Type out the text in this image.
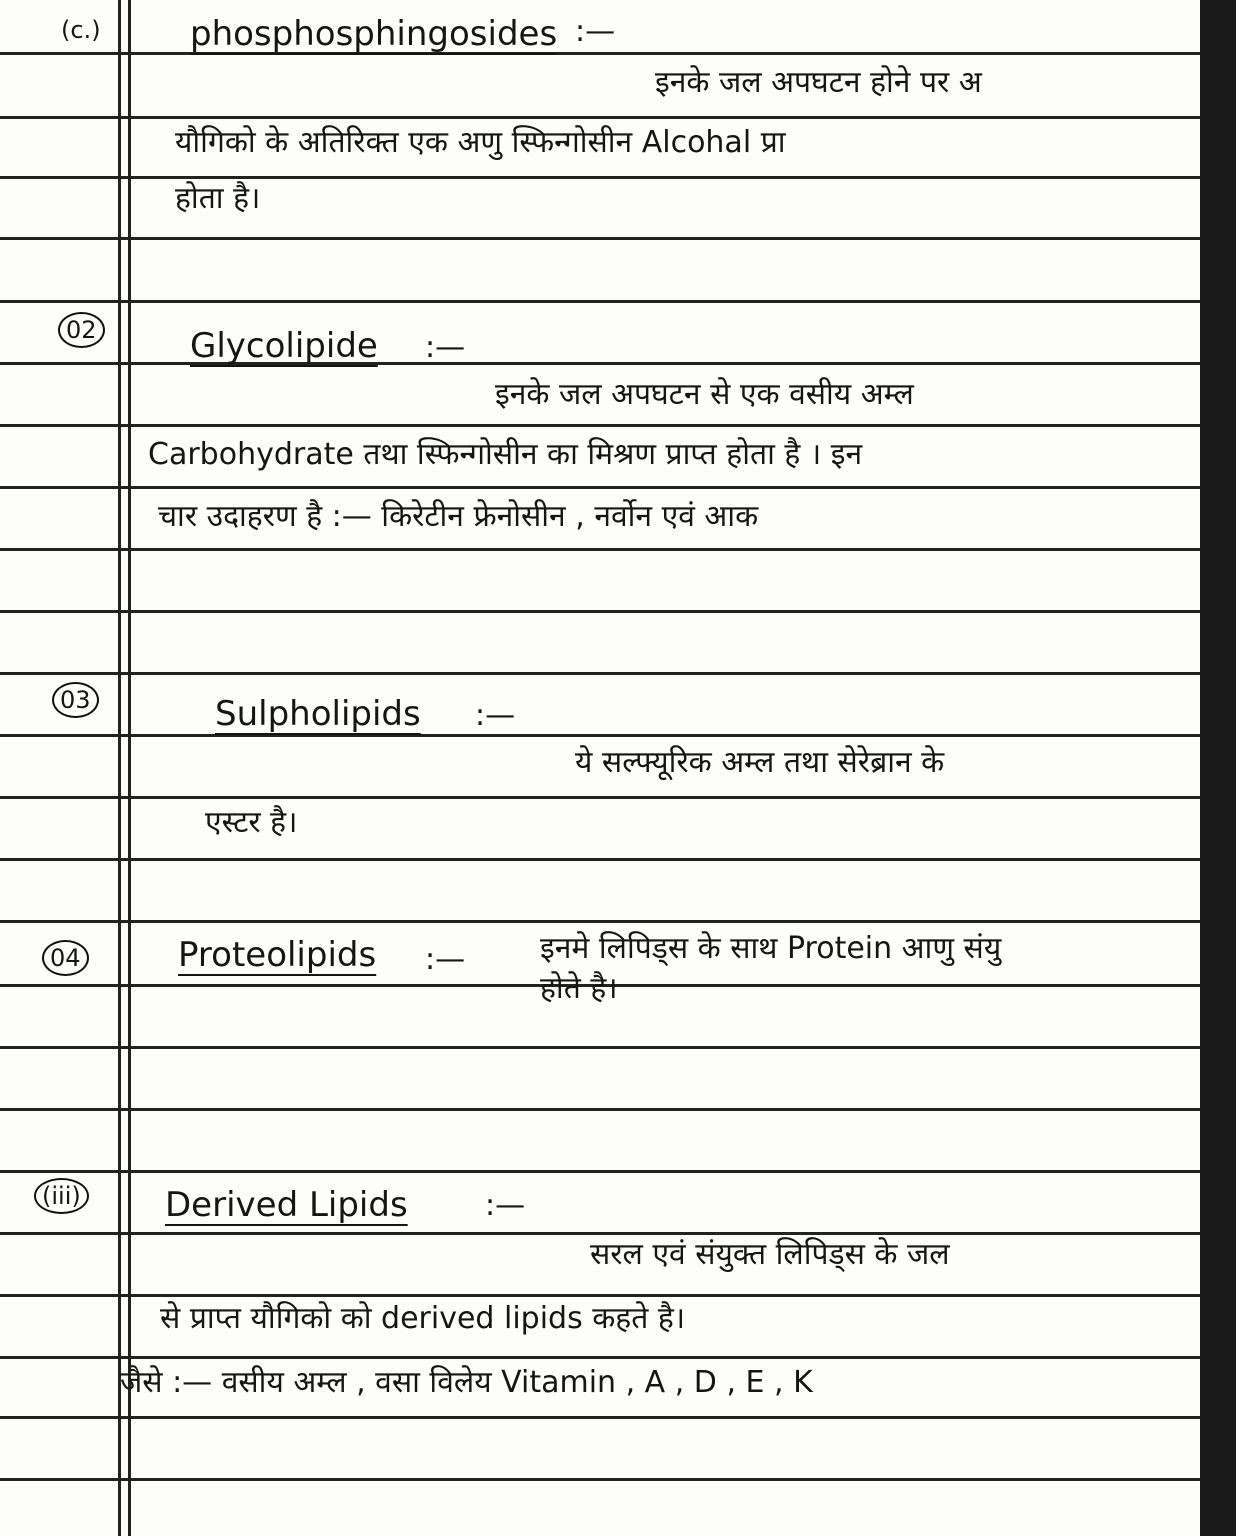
(c.)	phosphosphingosides :—
इनके जल अपघटन होने पर अ
यौगिको के अतिरिक्त एक अणु स्फिन्गोसीन Alcohal प्रा
होता है।
02	Glycolipide :—
इनके जल अपघटन से एक वसीय अम्ल
Carbohydrate तथा स्फिन्गोसीन का मिश्रण प्राप्त होता है । इन
चार उदाहरण है :— किरेटीन फ्रेनोसीन , नर्वोन एवं आक
03	Sulpholipids :—
ये सल्फ्यूरिक अम्ल तथा सेरेब्रान के
एस्टर है।
04	Proteolipids :— इनमे लिपिड्स के साथ Protein आणु संयु
होते है।
(iii) Derived Lipids	:—
सरल एवं संयुक्त लिपिड्स के जल
से प्राप्त यौगिको को derived lipids कहते है।
जैसे :— वसीय अम्ल , वसा विलेय Vitamin , A , D , E , K
